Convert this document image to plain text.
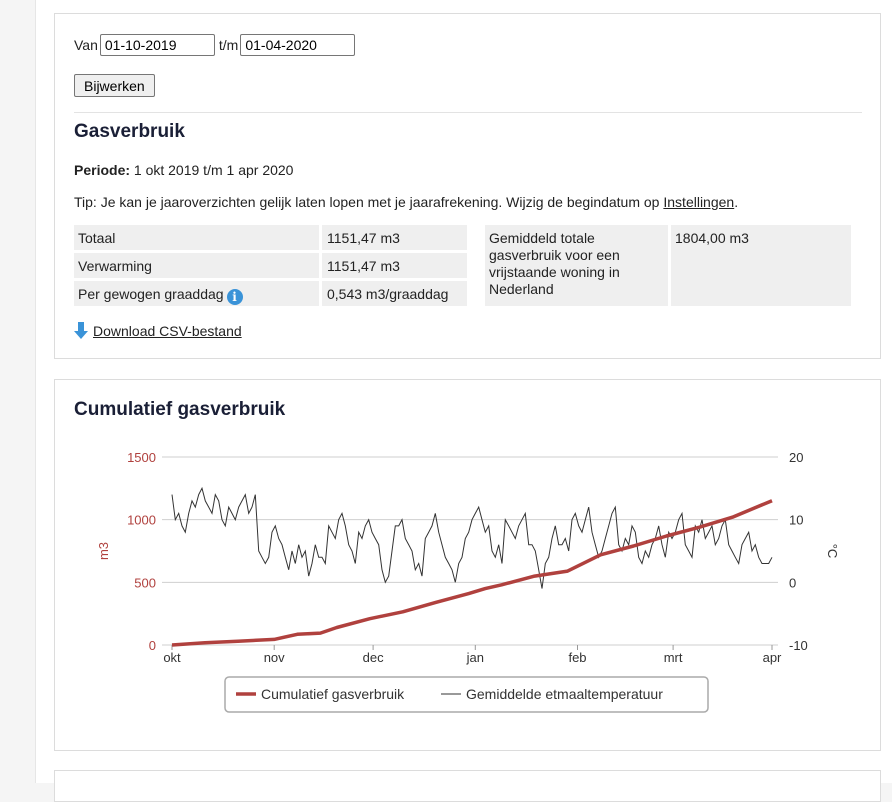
Van
01-10-2019	t/m
01-04-2020
Bijwerken
Gasverbruik
Periode: 1 okt 2019 t/m 1 apr 2020
Tip: Je kan je jaaroverzichten gelijk laten lopen met je jaarafrekening. Wijzig de begindatum op Instellingen.
Totaal	1151,47 m3
Verwarming	1151,47 m3
Per gewogen graaddag i	0,543 m3/graaddag
Gemiddeld totale
gasverbruik voor een
vrijstaande woning in
Nederland
1804,00 m3
Download CSV-bestand
Cumulatief gasverbruik
0
500
1000
1500
-10
0
10
20
m3	°C
okt	nov	dec	jan	feb	mrt	apr
Cumulatief gasverbruik	Gemiddelde etmaaltemperatuur
